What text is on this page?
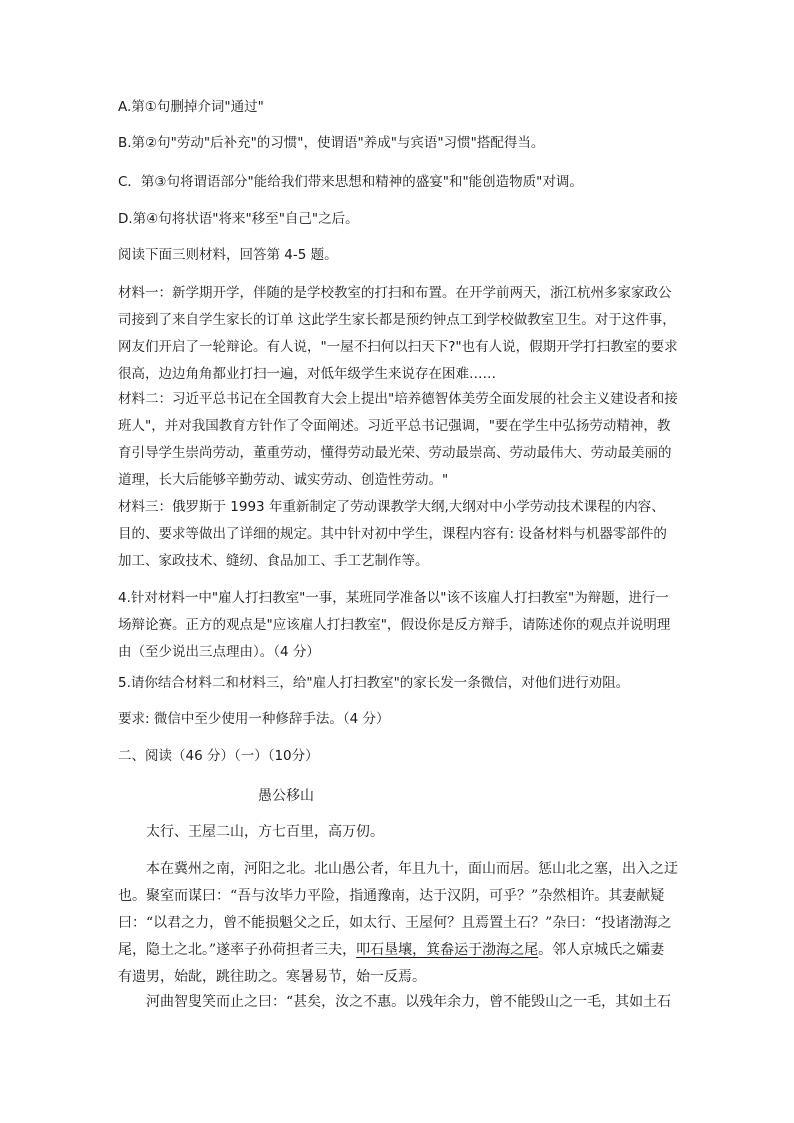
A.第①句删掉介词"通过"

B.第②句"劳动"后补充"的习惯"，使谓语"养成"与宾语"习惯"搭配得当。

C．第③句将谓语部分"能给我们带来思想和精神的盛宴"和"能创造物质"对调。

D.第④句将状语"将来"移至"自己"之后。

阅读下面三则材料，回答第 4-5 题。

材料一：新学期开学，伴随的是学校教室的打扫和布置。在开学前两天，浙江杭州多家家政公司接到了来自学生家长的订单 这此学生家长都是预约钟点工到学校做教室卫生。对于这件事，网友们开启了一轮辩论。有人说，"一屋不扫何以扫天下?"也有人说，假期开学打扫教室的要求很高，边边角角都业打扫一遍，对低年级学生来说存在困难……

材料二：习近平总书记在全国教育大会上提出"培养德智体美劳全面发展的社会主义建设者和接班人"，并对我国教育方针作了令面阐述。习近平总书记强调，"要在学生中弘扬劳动精神，教育引导学生崇尚劳动，董重劳动，懂得劳动最光荣、劳动最崇高、劳动最伟大、劳动最美丽的道理，长大后能够辛勤劳动、诚实劳动、创造性劳动。"

材料三：俄罗斯于 1993 年重新制定了劳动课教学大纲,大纲对中小学劳动技术课程的内容、目的、要求等做出了详细的规定。其中针对初中学生，课程内容有: 设备材料与机器零部件的加工、家政技术、缝纫、食品加工、手工艺制作等。

4.针对材料一中"雇人打扫教室"一事，某班同学准备以"该不该雇人打扫教室"为辩题，进行一场辩论赛。正方的观点是"应该雇人打扫教室"，假设你是反方辩手，请陈述你的观点并说明理由（至少说出三点理由）。（4 分）

5.请你结合材料二和材料三，给"雇人打扫教室"的家长发一条微信，对他们进行劝阻。

要求: 微信中至少使用一种修辞手法。（4 分）

二、阅读（46 分）（一）（10分）

愚公移山

太行、王屋二山，方七百里，高万仞。

本在冀州之南，河阳之北。北山愚公者，年且九十，面山而居。惩山北之塞，出入之迂也。聚室而谋曰：“吾与汝毕力平险，指通豫南，达于汉阴，可乎？”杂然相许。其妻献疑曰：“以君之力，曾不能损魁父之丘，如太行、王屋何？且焉置土石？”杂曰：“投诸渤海之尾，隐土之北。”遂率子孙荷担者三夫，叩石垦壤，箕畚运于渤海之尾。邻人京城氏之孀妻有遗男，始龀，跳往助之。寒暑易节，始一反焉。

河曲智叟笑而止之曰：“甚矣，汝之不惠。以残年余力，曾不能毁山之一毛，其如土石
